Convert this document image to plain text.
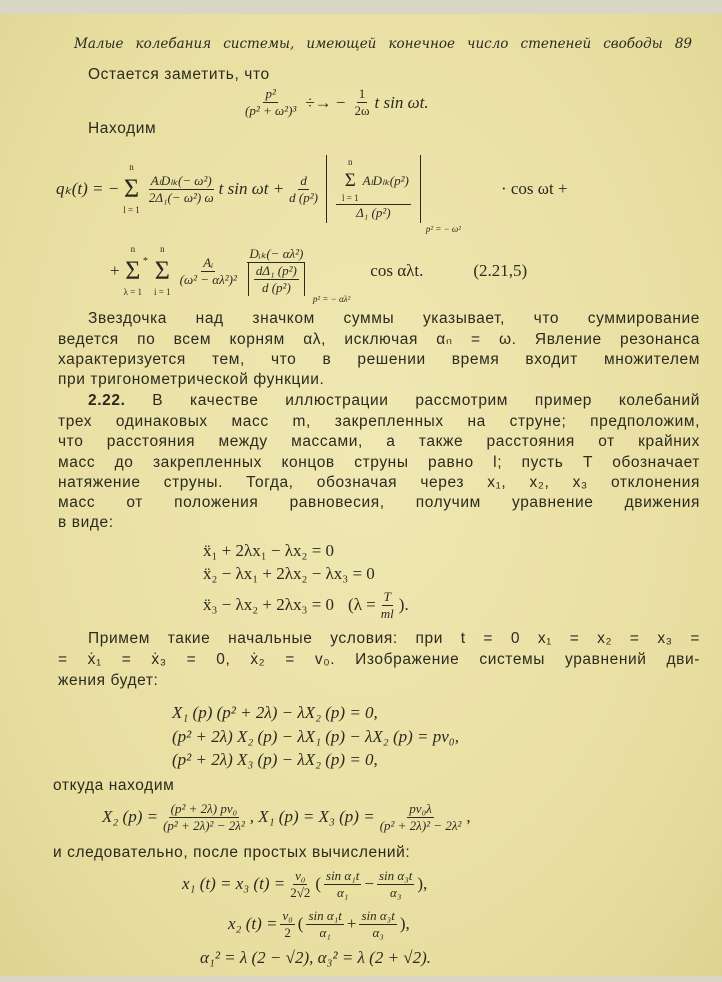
Малые колебания системы, имеющей конечное число степеней свободы 89
Остается заметить, что
$\frac{\text{p²}}{\text{(p² + ω²)³}}$ ÷→ − $\frac{1}{2\omega}$ t sin ωt.
Находим
qₖ(t) = −
n
Σ
l = 1
AₗDₗₖ(− ω²)
2Δ₁(− ω²) ω t $\sin \omega t + \frac{d}{\text{d (p²)}}$
n
Σ
l = 1
AₗDₗₖ(p²)
Δ₁ (p²)
p² = − ω²
· cos ωt +
+
n
Σ
λ = 1
*
n
Σ
i = 1
Aᵢ
(ω² − αλ²)²
Dᵢₖ(− αλ²)
dΔ₁ (p²)
d (p²)
p² = − αλ²
cos αλt.	(2.21,5)
Звездочка над значком суммы указывает, что суммирование
ведется по всем корням αλ, исключая αₙ = ω. Явление резонанса
характеризуется тем, что в решении время входит множителем
при тригонометрической функции.
2.22. В качестве иллюстрации рассмотрим пример колебаний
трех одинаковых масс m, закрепленных на струне; предположим,
что расстояния между массами, а также расстояния от крайних
масс до закрепленных концов струны равно l; пусть T обозначает
натяжение струны. Тогда, обозначая через x₁, x₂, x₃ отклонения
масс от положения равновесия, получим уравнение движения
в виде:
ẍ₁ + 2λx₁ − λx₂ = 0
ẍ₂ − λx₁ + 2λx₂ − λx₃ = 0
ẍ₃ − λx₂ + 2λx₃ = 0 ($\lambda = \frac{T}{ml}$ ).
Примем такие начальные условия: при t = 0 x₁ = x₂ = x₃ =
= ẋ₁ = ẋ₃ = 0, ẋ₂ = v₀. Изображение системы уравнений дви-
жения будет:
X₁ (p) (p² + 2λ) − λX₂ (p) = 0,
(p² + 2λ) X₂ (p) − λX₁ (p) − λX₂ (p) = pv₀,
(p² + 2λ) X₃ (p) − λX₂ (p) = 0,
откуда находим
X₂ $(p) = \frac{\text{(p² + 2λ) pv₀}}{\text{(p² + 2λ)² − 2λ²}}$ , X₁ (p) = X₃ $(p) = \frac{\text{pv₀λ}}{\text{(p² + 2λ)² − 2λ²}}$ ,
и следовательно, после простых вычислений:
x₁ (t) = x₃ $(t) = \frac{\text{v₀}}{2√2}$ ( sin α₁t
$\alpha_1 - \frac{\text{sin α₃t}}{\text{α₃}}$ ),
x₂ $(t) = \frac{\text{v₀}}{2}$ ( sin α₁t
$\alpha_1 + \frac{\text{sin α₃t}}{\text{α₃}}$ ),
α₁² = λ (2 − √2), α₃² = λ (2 + √2).
